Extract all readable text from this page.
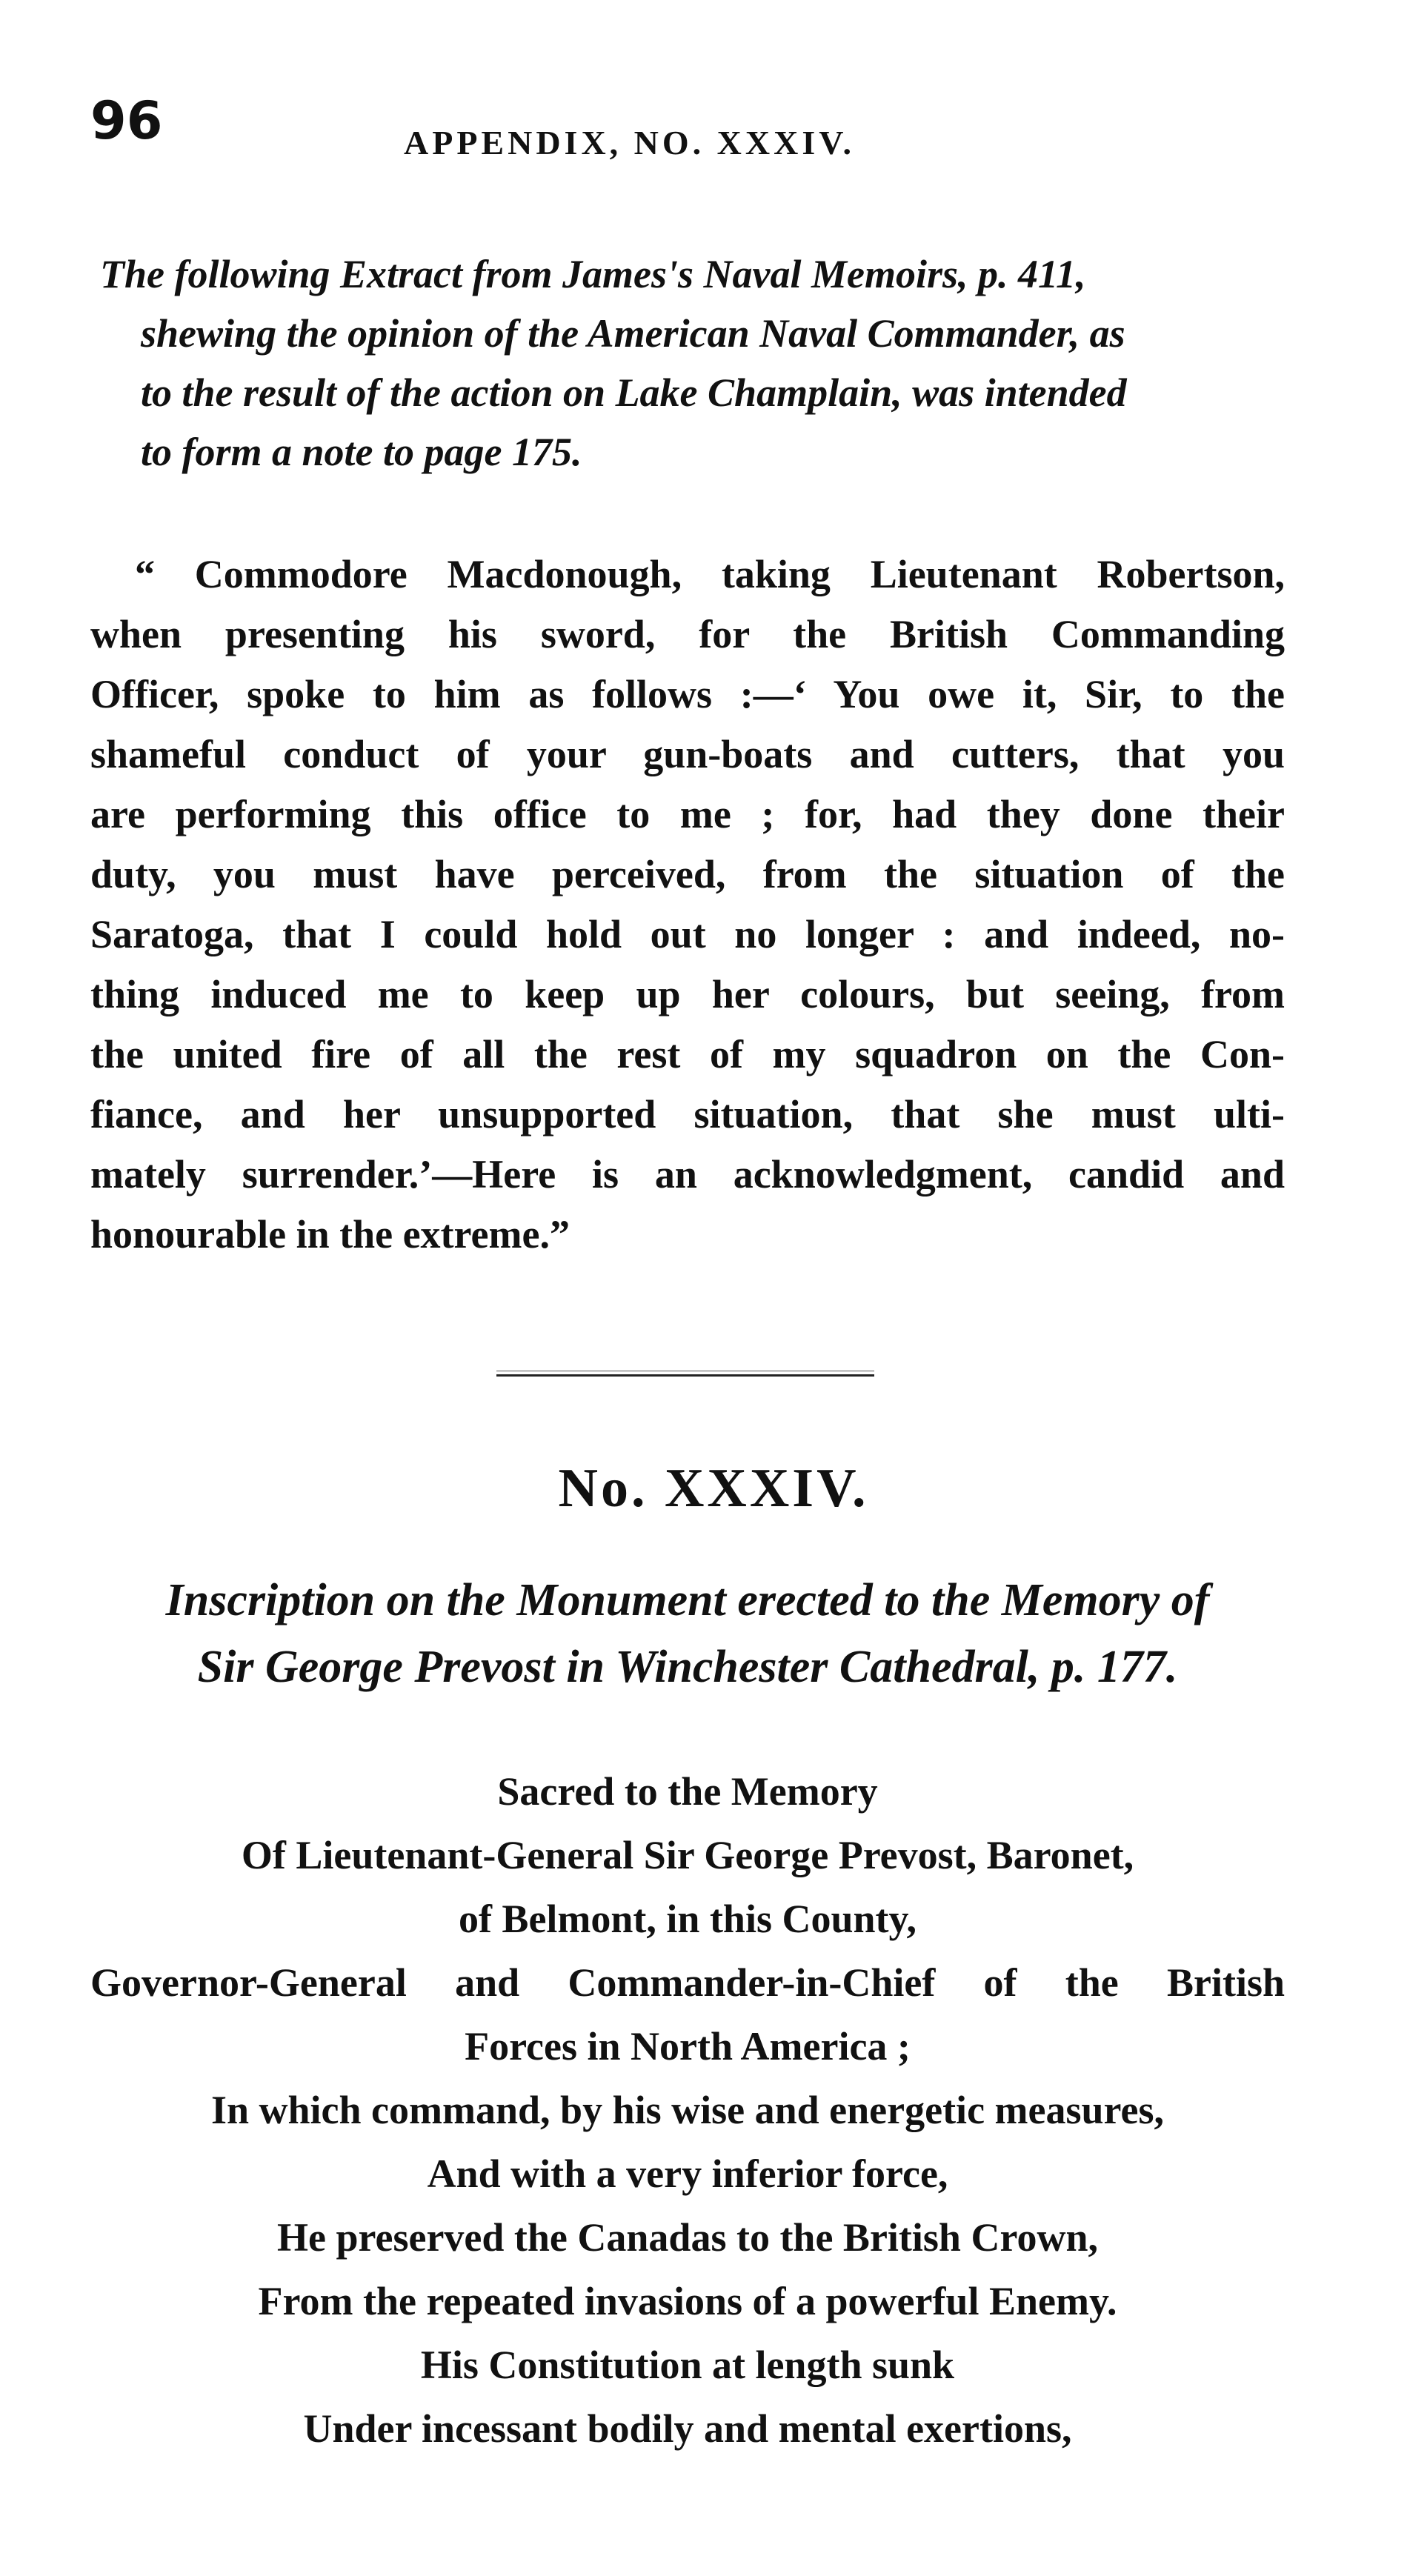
96	APPENDIX, NO. XXXIV.
The following Extract from James's Naval Memoirs, p. 411,
shewing the opinion of the American Naval Commander, as
to the result of the action on Lake Champlain, was intended
to form a note to page 175.
“ Commodore Macdonough, taking Lieutenant Robertson,
when presenting his sword, for the British Commanding
Officer, spoke to him as follows :—‘ You owe it, Sir, to the
shameful conduct of your gun-boats and cutters, that you
are performing this office to me ; for, had they done their
duty, you must have perceived, from the situation of the
Saratoga, that I could hold out no longer : and indeed, no-
thing induced me to keep up her colours, but seeing, from
the united fire of all the rest of my squadron on the Con-
fiance, and her unsupported situation, that she must ulti-
mately surrender.’—Here is an acknowledgment, candid and
honourable in the extreme.”
No. XXXIV.
Inscription on the Monument erected to the Memory of
Sir George Prevost in Winchester Cathedral, p. 177.
Sacred to the Memory
Of Lieutenant-General Sir George Prevost, Baronet,
of Belmont, in this County,
Governor-General and Commander-in-Chief of the British
Forces in North America ;
In which command, by his wise and energetic measures,
And with a very inferior force,
He preserved the Canadas to the British Crown,
From the repeated invasions of a powerful Enemy.
His Constitution at length sunk
Under incessant bodily and mental exertions,
